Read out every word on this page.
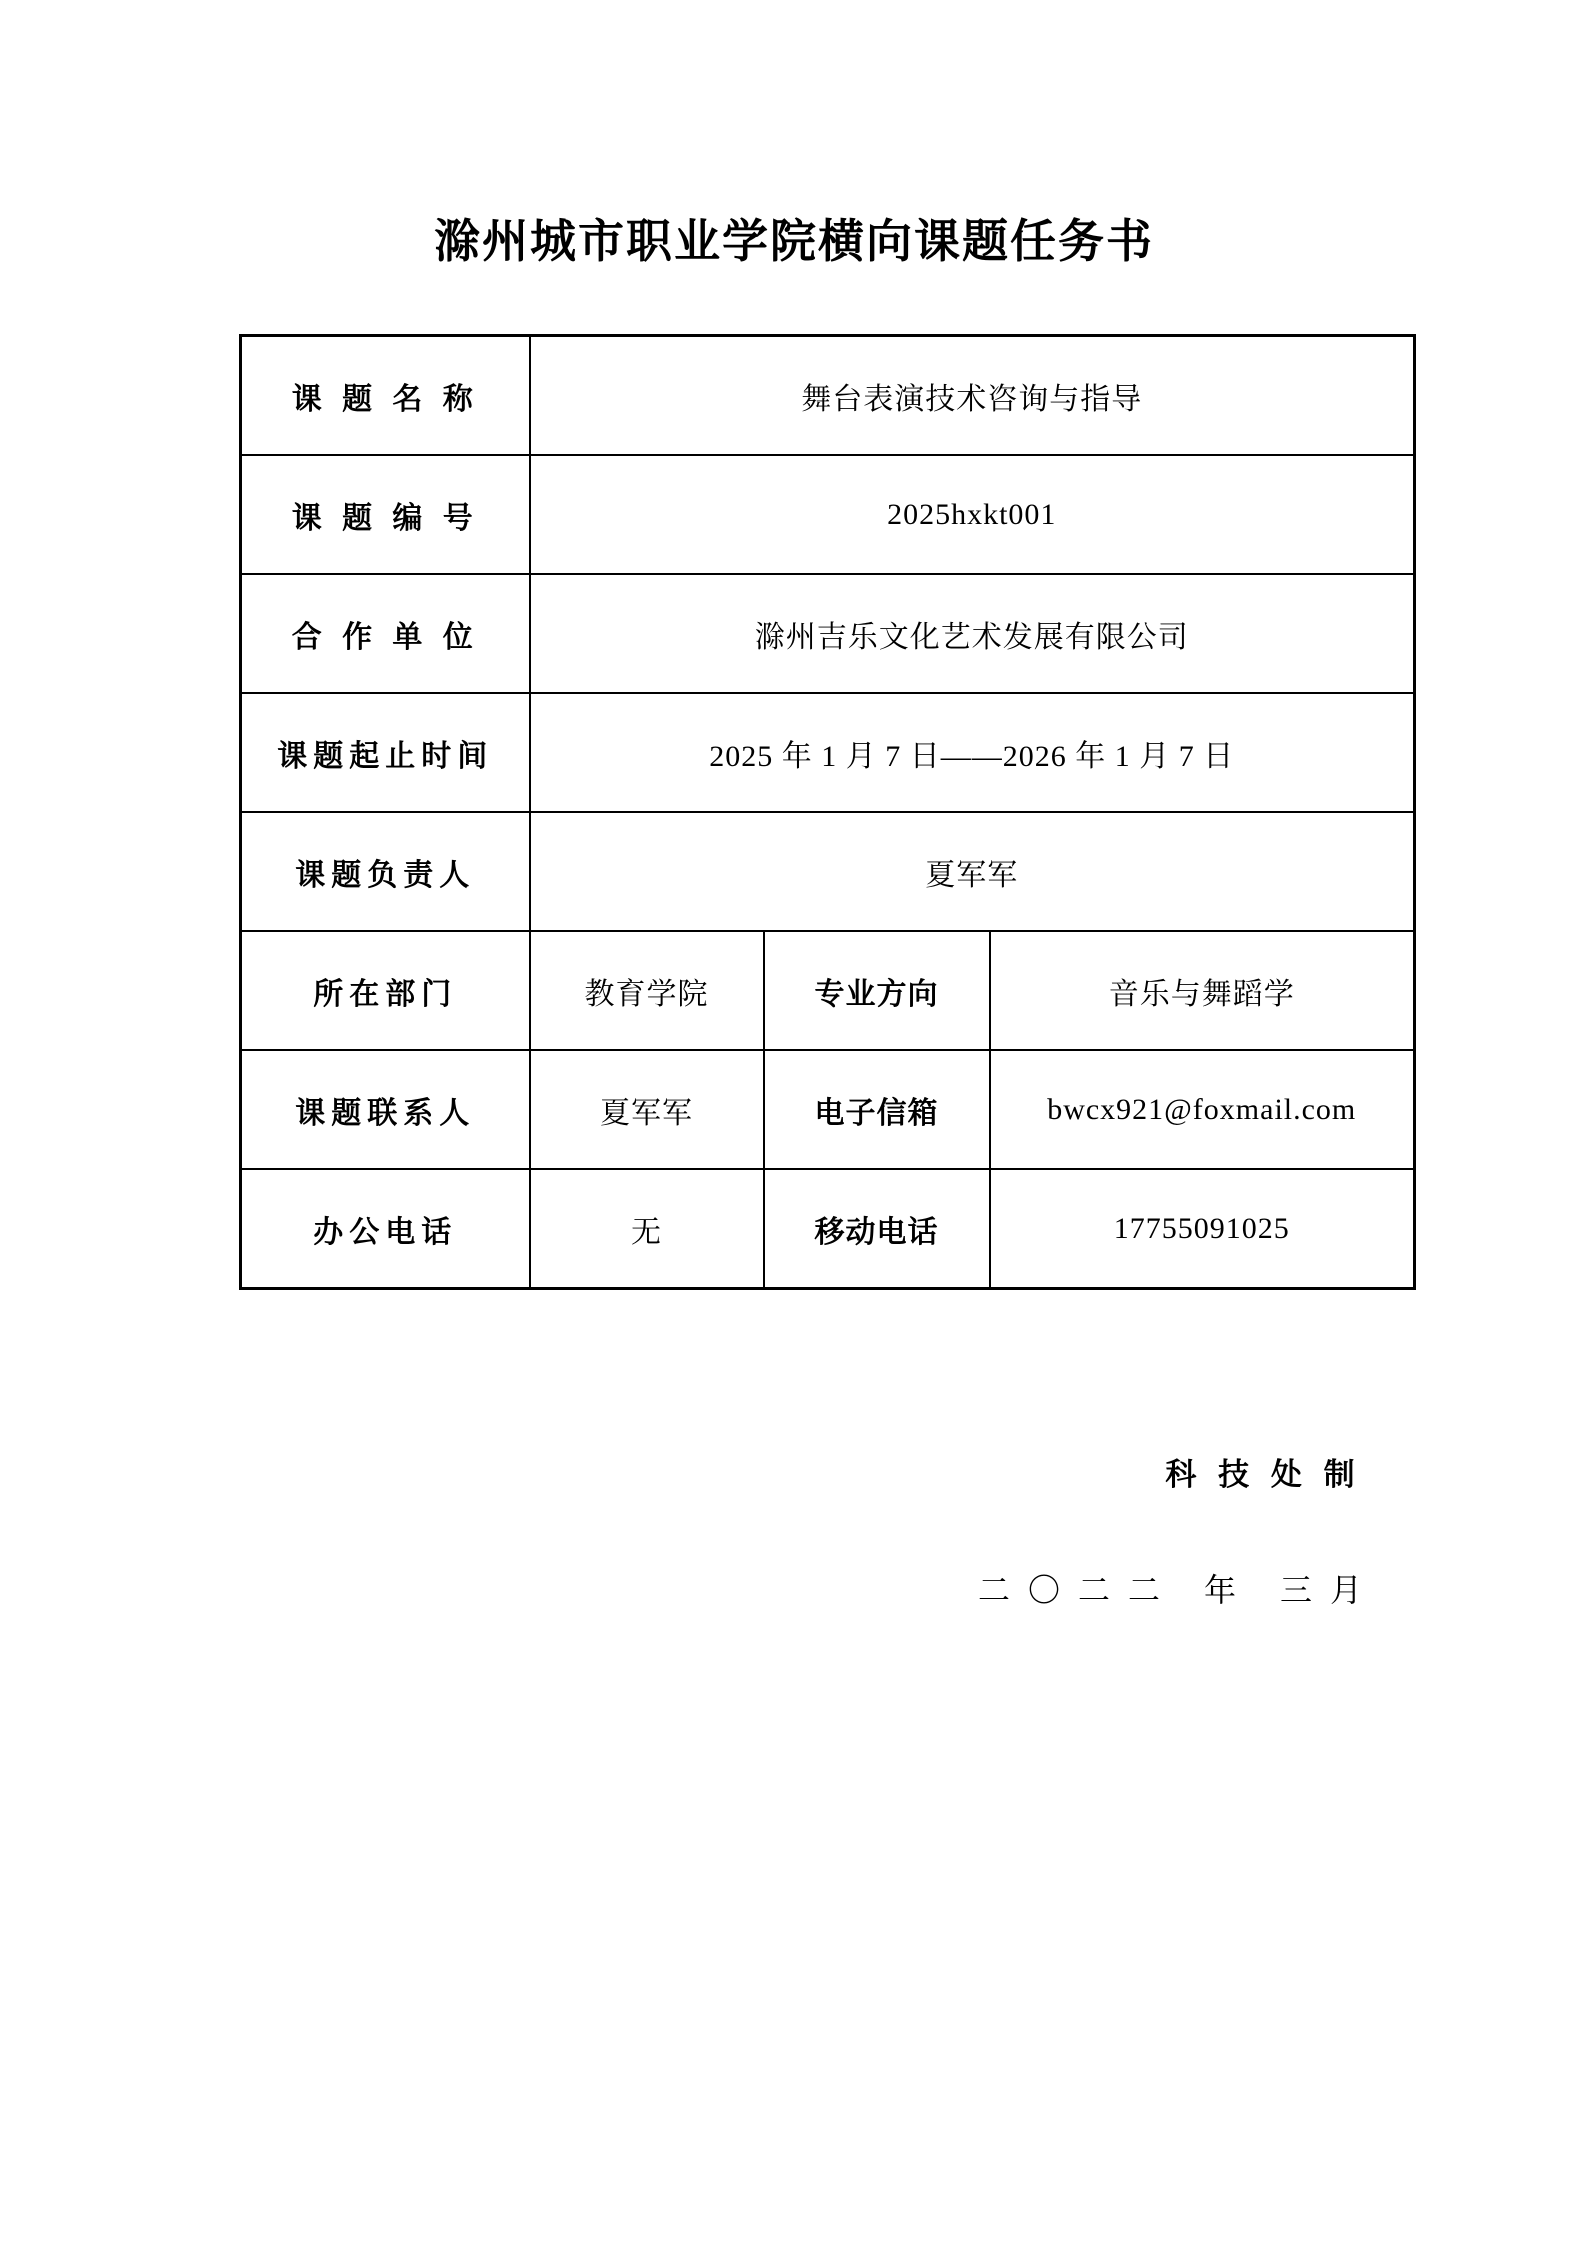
滁州城市职业学院横向课题任务书
课 题 名 称	舞台表演技术咨询与指导		
课 题 编 号	2025hxkt001		
合 作 单 位	滁州吉乐文化艺术发展有限公司		
课题起止时间	2025 年 1 月 7 日——2026 年 1 月 7 日		
课题负责人	夏军军		
所在部门	教育学院	专业方向	音乐与舞蹈学
课题联系人	夏军军	电子信箱	bwcx921@foxmail.com
办公电话	无	移动电话	17755091025
科 技 处 制
二〇二二 年 三月
